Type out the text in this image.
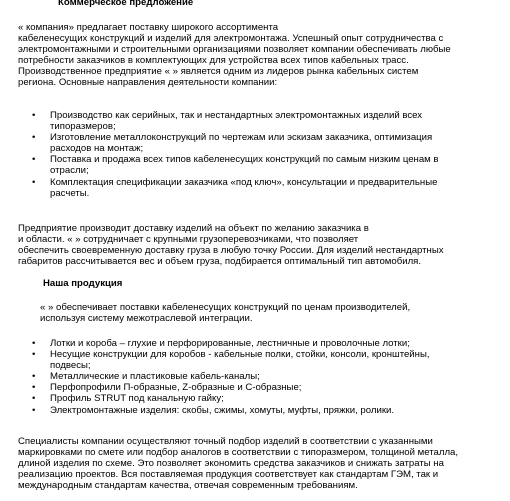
Коммерческое предложение
« компания» предлагает поставку широкого ассортимента
кабеленесущих конструкций и изделий для электромонтажа. Успешный опыт сотрудничества с
электромонтажными и строительными организациями позволяет компании обеспечивать любые
потребности заказчиков в комплектующих для устройства всех типов кабельных трасс.
Производственное предприятие « » является одним из лидеров рынка кабельных систем
региона. Основные направления деятельности компании:
• Производство как серийных, так и нестандартных электромонтажных изделий всех
типоразмеров;
• Изготовление металлоконструкций по чертежам или эскизам заказчика, оптимизация
расходов на монтаж;
• Поставка и продажа всех типов кабеленесущих конструкций по самым низким ценам в
отрасли;
• Комплектация спецификации заказчика «под ключ», консультации и предварительные
расчеты.
Предприятие производит доставку изделий на объект по желанию заказчика в
и области. « » сотрудничает с крупными грузоперевозчиками, что позволяет
обеспечить своевременную доставку груза в любую точку России. Для изделий нестандартных
габаритов рассчитывается вес и объем груза, подбирается оптимальный тип автомобиля.
Наша продукция
« » обеспечивает поставки кабеленесущих конструкций по ценам производителей,
используя систему межотраслевой интеграции.
• Лотки и короба – глухие и перфорированные, лестничные и проволочные лотки;
• Несущие конструкции для коробов - кабельные полки, стойки, консоли, кронштейны,
подвесы;
• Металлические и пластиковые кабель-каналы;
• Перфопрофили П-образные, Z-образные и С-образные;
• Профиль STRUT под канальную гайку;
• Электромонтажные изделия: скобы, сжимы, хомуты, муфты, пряжки, ролики.
Специалисты компании осуществляют точный подбор изделий в соответствии с указанными
маркировками по смете или подбор аналогов в соответствии с типоразмером, толщиной металла,
длиной изделия по схеме. Это позволяет экономить средства заказчиков и снижать затраты на
реализацию проектов. Вся поставляемая продукция соответствует как стандартам ГЭМ, так и
международным стандартам качества, отвечая современным требованиям.
